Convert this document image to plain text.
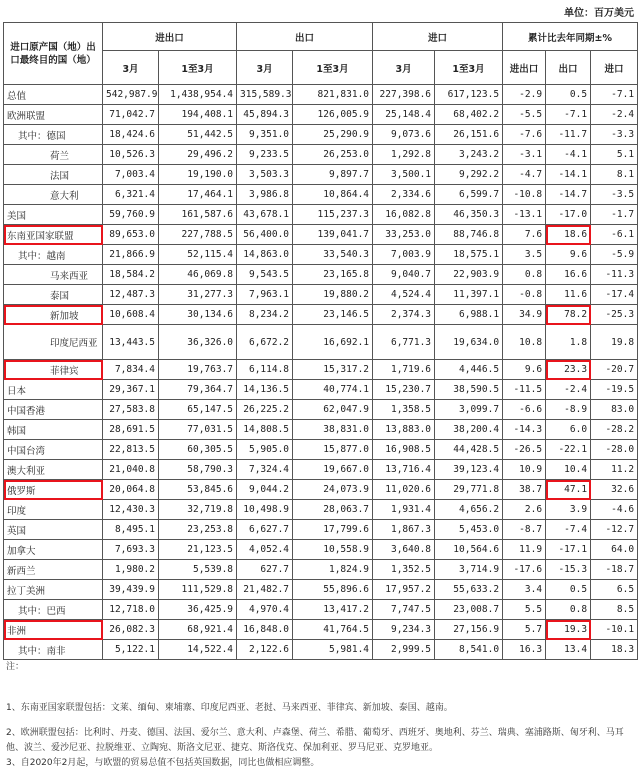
单位：百万美元
进口原产国（地）出口最终目的国（地）	进出口		出口		进口		累计比去年同期±%		
	3月	1至3月	3月	1至3月	3月	1至3月	进出口	出口	进口
总值	542,987.9	1,438,954.4	315,589.3	821,831.0	227,398.6	617,123.5	-2.9	0.5	-7.1
欧洲联盟	71,042.7	194,408.1	45,894.3	126,005.9	25,148.4	68,402.2	-5.5	-7.1	-2.4
其中：德国	18,424.6	51,442.5	9,351.0	25,290.9	9,073.6	26,151.6	-7.6	-11.7	-3.3
荷兰	10,526.3	29,496.2	9,233.5	26,253.0	1,292.8	3,243.2	-3.1	-4.1	5.1
法国	7,003.4	19,190.0	3,503.3	9,897.7	3,500.1	9,292.2	-4.7	-14.1	8.1
意大利	6,321.4	17,464.1	3,986.8	10,864.4	2,334.6	6,599.7	-10.8	-14.7	-3.5
美国	59,760.9	161,587.6	43,678.1	115,237.3	16,082.8	46,350.3	-13.1	-17.0	-1.7
东南亚国家联盟	89,653.0	227,788.5	56,400.0	139,041.7	33,253.0	88,746.8	7.6	18.6	-6.1
其中：越南	21,866.9	52,115.4	14,863.0	33,540.3	7,003.9	18,575.1	3.5	9.6	-5.9
马来西亚	18,584.2	46,069.8	9,543.5	23,165.8	9,040.7	22,903.9	0.8	16.6	-11.3
泰国	12,487.3	31,277.3	7,963.1	19,880.2	4,524.4	11,397.1	-0.8	11.6	-17.4
新加坡	10,608.4	30,134.6	8,234.2	23,146.5	2,374.3	6,988.1	34.9	78.2	-25.3
印度尼西亚	13,443.5	36,326.0	6,672.2	16,692.1	6,771.3	19,634.0	10.8	1.8	19.8
菲律宾	7,834.4	19,763.7	6,114.8	15,317.2	1,719.6	4,446.5	9.6	23.3	-20.7
日本	29,367.1	79,364.7	14,136.5	40,774.1	15,230.7	38,590.5	-11.5	-2.4	-19.5
中国香港	27,583.8	65,147.5	26,225.2	62,047.9	1,358.5	3,099.7	-6.6	-8.9	83.0
韩国	28,691.5	77,031.5	14,808.5	38,831.0	13,883.0	38,200.4	-14.3	6.0	-28.2
中国台湾	22,813.5	60,305.5	5,905.0	15,877.0	16,908.5	44,428.5	-26.5	-22.1	-28.0
澳大利亚	21,040.8	58,790.3	7,324.4	19,667.0	13,716.4	39,123.4	10.9	10.4	11.2
俄罗斯	20,064.8	53,845.6	9,044.2	24,073.9	11,020.6	29,771.8	38.7	47.1	32.6
印度	12,430.3	32,719.8	10,498.9	28,063.7	1,931.4	4,656.2	2.6	3.9	-4.6
英国	8,495.1	23,253.8	6,627.7	17,799.6	1,867.3	5,453.0	-8.7	-7.4	-12.7
加拿大	7,693.3	21,123.5	4,052.4	10,558.9	3,640.8	10,564.6	11.9	-17.1	64.0
新西兰	1,980.2	5,539.8	627.7	1,824.9	1,352.5	3,714.9	-17.6	-15.3	-18.7
拉丁美洲	39,439.9	111,529.8	21,482.7	55,896.6	17,957.2	55,633.2	3.4	0.5	6.5
其中：巴西	12,718.0	36,425.9	4,970.4	13,417.2	7,747.5	23,008.7	5.5	0.8	8.5
非洲	26,082.3	68,921.4	16,848.0	41,764.5	9,234.3	27,156.9	5.7	19.3	-10.1
其中：南非	5,122.1	14,522.4	2,122.6	5,981.4	2,999.5	8,541.0	16.3	13.4	18.3

注：

1、东南亚国家联盟包括：文莱、缅甸、柬埔寨、印度尼西亚、老挝、马来西亚、菲律宾、新加坡、泰国、越南。

2、欧洲联盟包括：比利时、丹麦、德国、法国、爱尔兰、意大利、卢森堡、荷兰、希腊、葡萄牙、西班牙、奥地利、芬兰、瑞典、塞浦路斯、匈牙利、马耳他、波兰、爱沙尼亚、拉脱维亚、立陶宛、斯洛文尼亚、捷克、斯洛伐克、保加利亚、罗马尼亚、克罗地亚。

3、自2020年2月起，与欧盟的贸易总值不包括英国数据，同比也做相应调整。
